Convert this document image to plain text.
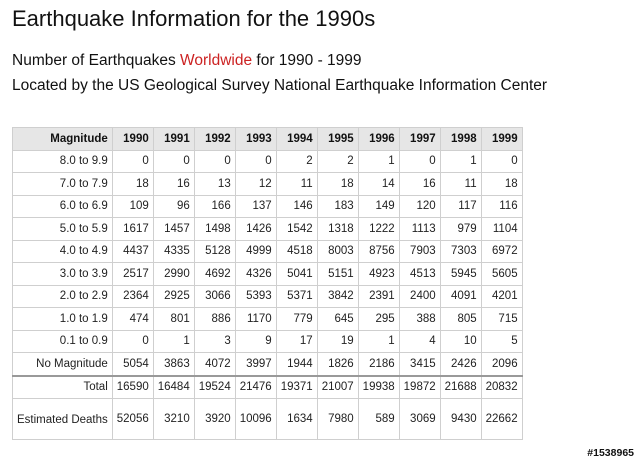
Earthquake Information for the 1990s
Number of Earthquakes Worldwide for 1990 - 1999
Located by the US Geological Survey National Earthquake Information Center
Magnitude	1990	1991	1992	1993	1994	1995	1996	1997	1998	1999
8.0 to 9.9	0	0	0	0	2	2	1	0	1	0
7.0 to 7.9	18	16	13	12	11	18	14	16	11	18
6.0 to 6.9	109	96	166	137	146	183	149	120	117	116
5.0 to 5.9	1617	1457	1498	1426	1542	1318	1222	1113	979	1104
4.0 to 4.9	4437	4335	5128	4999	4518	8003	8756	7903	7303	6972
3.0 to 3.9	2517	2990	4692	4326	5041	5151	4923	4513	5945	5605
2.0 to 2.9	2364	2925	3066	5393	5371	3842	2391	2400	4091	4201
1.0 to 1.9	474	801	886	1170	779	645	295	388	805	715
0.1 to 0.9	0	1	3	9	17	19	1	4	10	5
No Magnitude	5054	3863	4072	3997	1944	1826	2186	3415	2426	2096
Total	16590	16484	19524	21476	19371	21007	19938	19872	21688	20832
Estimated Deaths	52056	3210	3920	10096	1634	7980	589	3069	9430	22662
#1538965
